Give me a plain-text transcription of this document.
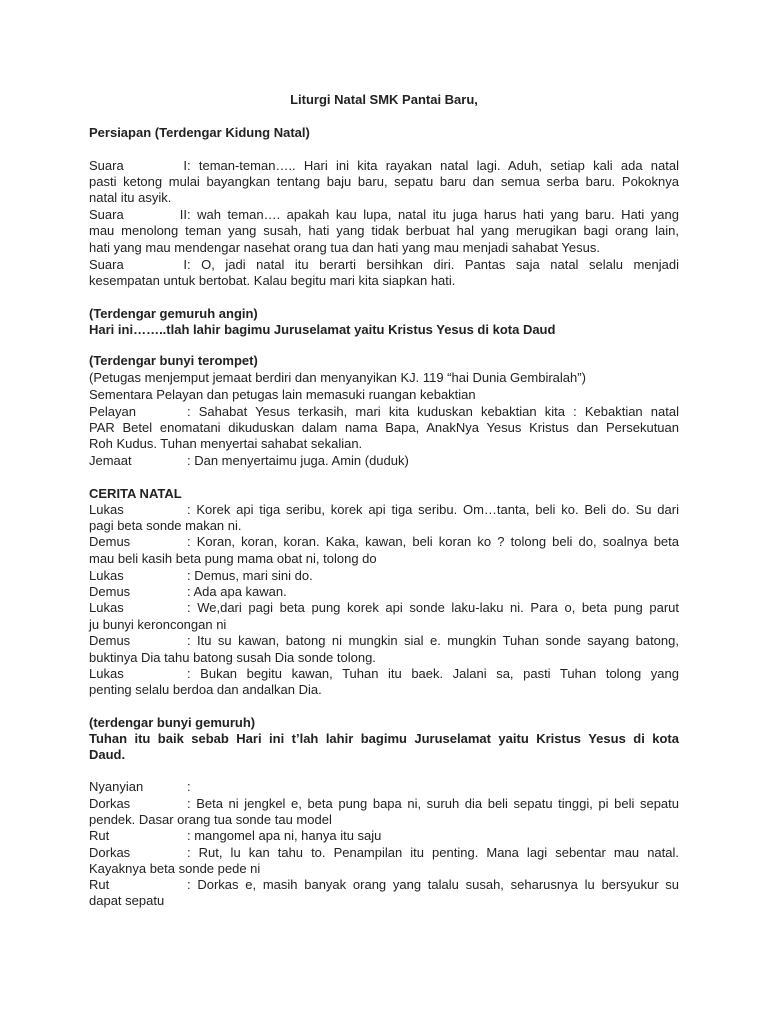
Liturgi Natal SMK Pantai Baru,
Persiapan (Terdengar Kidung Natal)
Suara I: teman-teman….. Hari ini kita rayakan natal lagi. Aduh, setiap kali ada natal
pasti ketong mulai bayangkan tentang baju baru, sepatu baru dan semua serba baru. Pokoknya
natal itu asyik.
Suara II: wah teman…. apakah kau lupa, natal itu juga harus hati yang baru. Hati yang
mau menolong teman yang susah, hati yang tidak berbuat hal yang merugikan bagi orang lain,
hati yang mau mendengar nasehat orang tua dan hati yang mau menjadi sahabat Yesus.
Suara I: O, jadi natal itu berarti bersihkan diri. Pantas saja natal selalu menjadi
kesempatan untuk bertobat. Kalau begitu mari kita siapkan hati.
(Terdengar gemuruh angin)
Hari ini……..tlah lahir bagimu Juruselamat yaitu Kristus Yesus di kota Daud
(Terdengar bunyi terompet)
(Petugas menjemput jemaat berdiri dan menyanyikan KJ. 119 “hai Dunia Gembiralah”)
Sementara Pelayan dan petugas lain memasuki ruangan kebaktian
Pelayan	: Sahabat Yesus terkasih, mari kita kuduskan kebaktian kita : Kebaktian natal
PAR Betel enomatani dikuduskan dalam nama Bapa, AnakNya Yesus Kristus dan Persekutuan
Roh Kudus. Tuhan menyertai sahabat sekalian.
Jemaat	: Dan menyertaimu juga. Amin (duduk)
CERITA NATAL
Lukas	: Korek api tiga seribu, korek api tiga seribu. Om…tanta, beli ko. Beli do. Su dari
pagi beta sonde makan ni.
Demus	: Koran, koran, koran. Kaka, kawan, beli koran ko ? tolong beli do, soalnya beta
mau beli kasih beta pung mama obat ni, tolong do
Lukas	: Demus, mari sini do.
Demus	: Ada apa kawan.
Lukas	: We,dari pagi beta pung korek api sonde laku-laku ni. Para o, beta pung parut
ju bunyi keroncongan ni
Demus	: Itu su kawan, batong ni mungkin sial e. mungkin Tuhan sonde sayang batong,
buktinya Dia tahu batong susah Dia sonde tolong.
Lukas	: Bukan begitu kawan, Tuhan itu baek. Jalani sa, pasti Tuhan tolong yang
penting selalu berdoa dan andalkan Dia.
(terdengar bunyi gemuruh)
Tuhan itu baik sebab Hari ini t’lah lahir bagimu Juruselamat yaitu Kristus Yesus di kota
Daud.
Nyanyian	:
Dorkas	: Beta ni jengkel e, beta pung bapa ni, suruh dia beli sepatu tinggi, pi beli sepatu
pendek. Dasar orang tua sonde tau model
Rut	: mangomel apa ni, hanya itu saju
Dorkas	: Rut, lu kan tahu to. Penampilan itu penting. Mana lagi sebentar mau natal.
Kayaknya beta sonde pede ni
Rut	: Dorkas e, masih banyak orang yang talalu susah, seharusnya lu bersyukur su
dapat sepatu
